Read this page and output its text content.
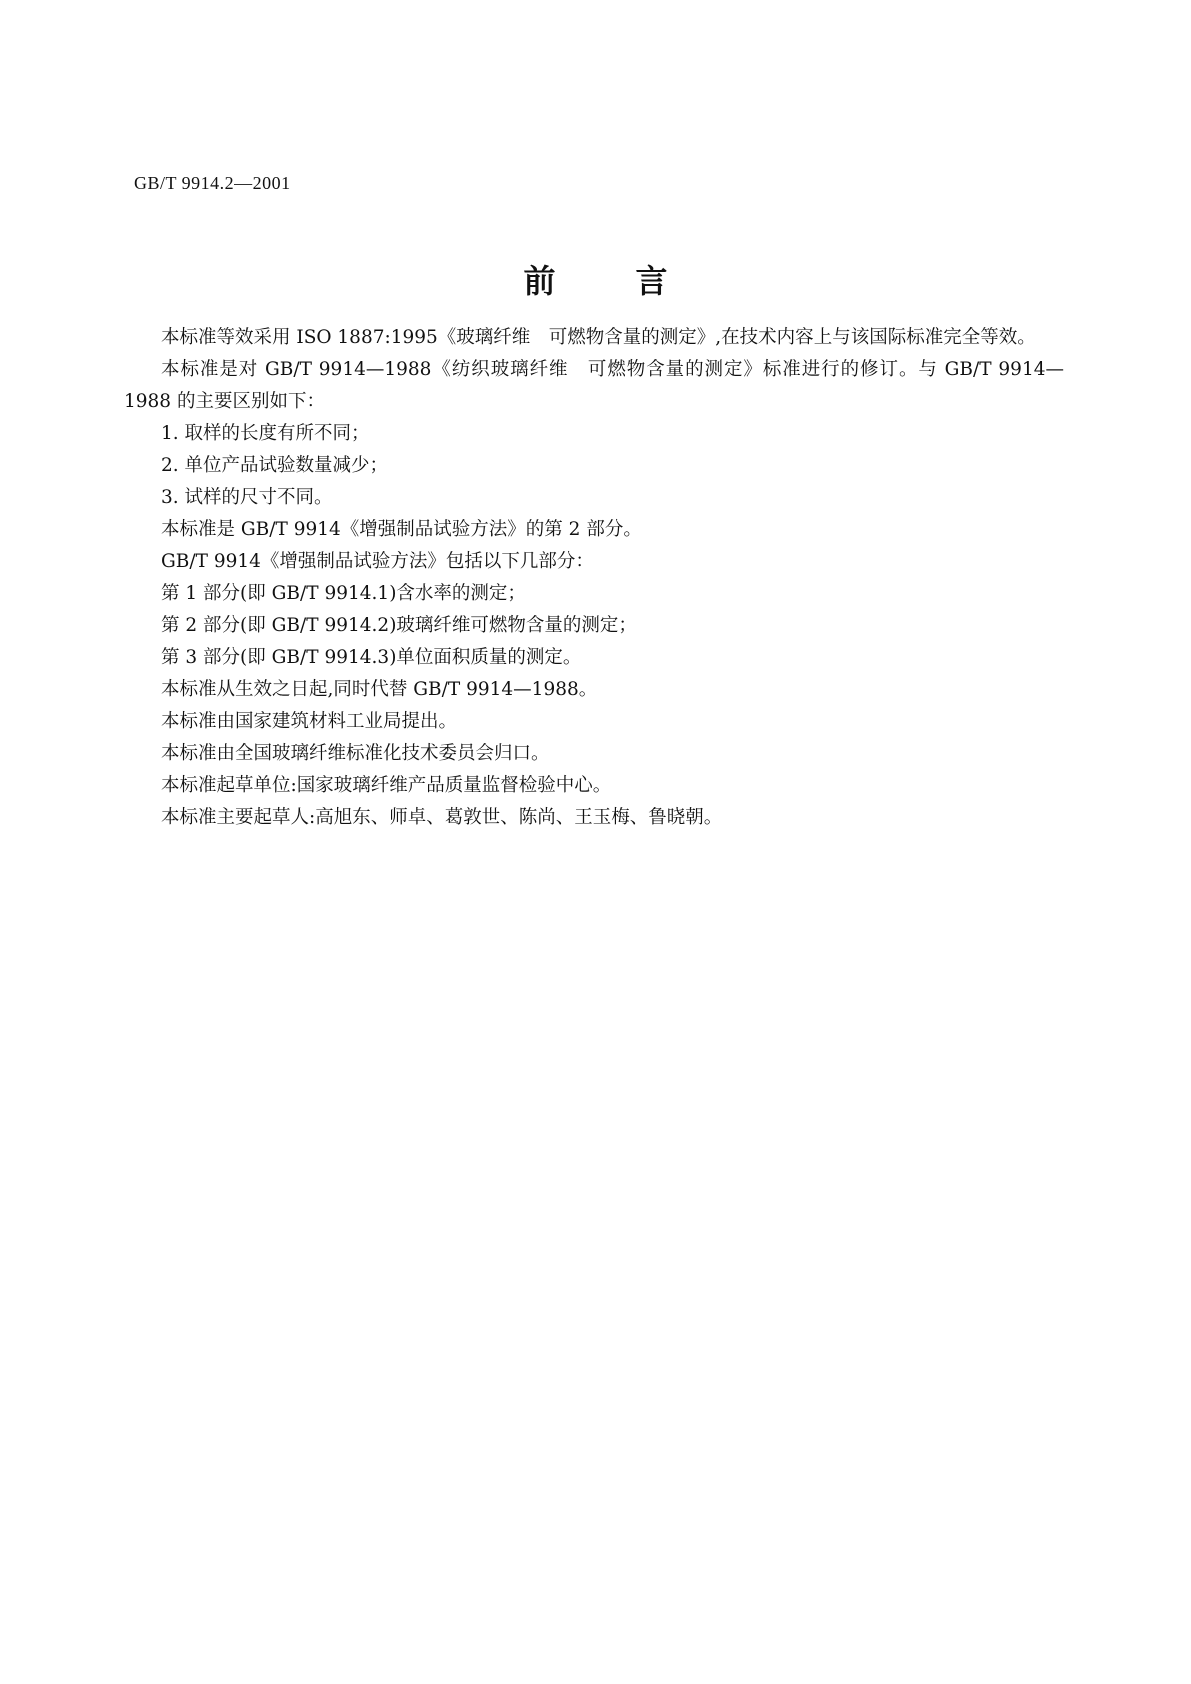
GB/T 9914.2—2001
前	言

本标准等效采用 ISO 1887:1995《玻璃纤维　可燃物含量的测定》,在技术内容上与该国际标准完全等效。

本标准是对 GB/T 9914—1988《纺织玻璃纤维　可燃物含量的测定》标准进行的修订。与 GB/T 9914—1988 的主要区别如下：

1. 取样的长度有所不同；

2. 单位产品试验数量减少；

3. 试样的尺寸不同。

本标准是 GB/T 9914《增强制品试验方法》的第 2 部分。

GB/T 9914《增强制品试验方法》包括以下几部分：

第 1 部分(即 GB/T 9914.1)含水率的测定；

第 2 部分(即 GB/T 9914.2)玻璃纤维可燃物含量的测定；

第 3 部分(即 GB/T 9914.3)单位面积质量的测定。

本标准从生效之日起,同时代替 GB/T 9914—1988。

本标准由国家建筑材料工业局提出。

本标准由全国玻璃纤维标准化技术委员会归口。

本标准起草单位:国家玻璃纤维产品质量监督检验中心。

本标准主要起草人:高旭东、师卓、葛敦世、陈尚、王玉梅、鲁晓朝。
